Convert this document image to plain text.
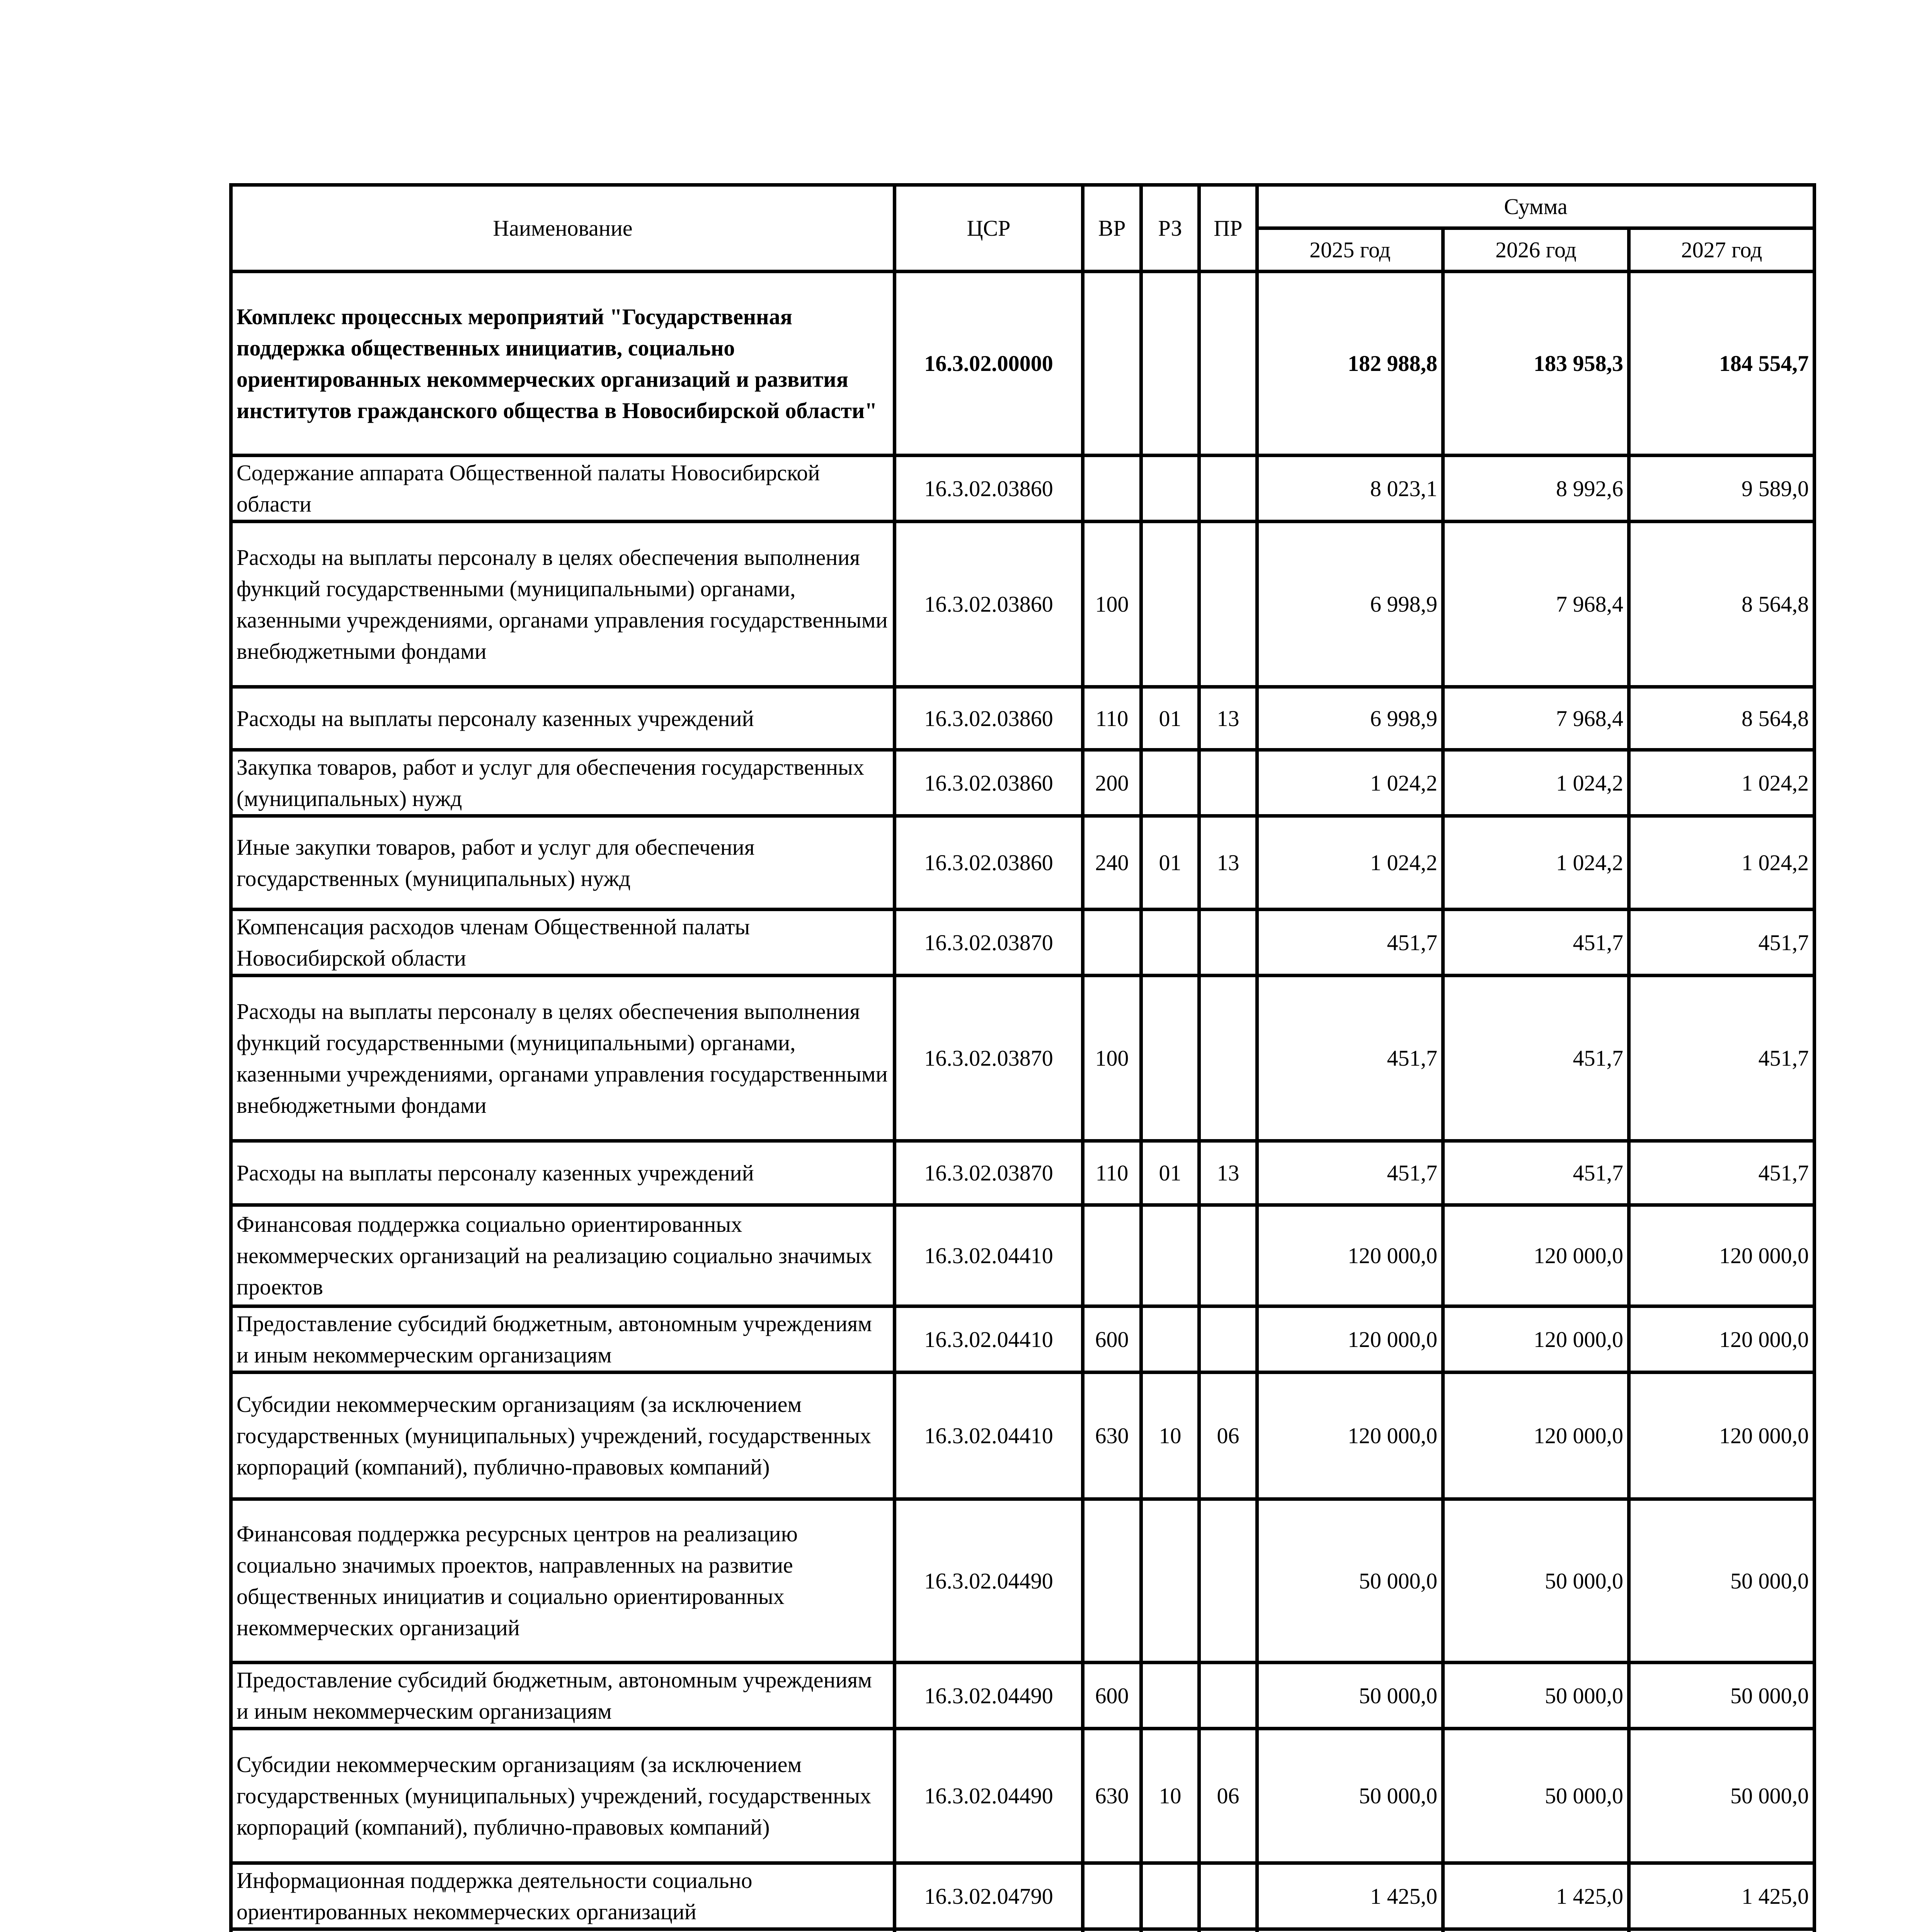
Наименование	ЦСР	ВР	РЗ	ПР	Сумма		
					2025 год	2026 год	2027 год
Комплекс процессных мероприятий "Государственная поддержка общественных инициатив, социально ориентированных некоммерческих организаций и развития институтов гражданского общества в Новосибирской области"	16.3.02.00000				182 988,8	183 958,3	184 554,7
Содержание аппарата Общественной палаты Новосибирской области	16.3.02.03860				8 023,1	8 992,6	9 589,0
Расходы на выплаты персоналу в целях обеспечения выполнения функций государственными (муниципальными) органами, казенными учреждениями, органами управления государственными внебюджетными фондами	16.3.02.03860	100			6 998,9	7 968,4	8 564,8
Расходы на выплаты персоналу казенных учреждений	16.3.02.03860	110	01	13	6 998,9	7 968,4	8 564,8
Закупка товаров, работ и услуг для обеспечения государственных (муниципальных) нужд	16.3.02.03860	200			1 024,2	1 024,2	1 024,2
Иные закупки товаров, работ и услуг для обеспечения государственных (муниципальных) нужд	16.3.02.03860	240	01	13	1 024,2	1 024,2	1 024,2
Компенсация расходов членам Общественной палаты Новосибирской области	16.3.02.03870				451,7	451,7	451,7
Расходы на выплаты персоналу в целях обеспечения выполнения функций государственными (муниципальными) органами, казенными учреждениями, органами управления государственными внебюджетными фондами	16.3.02.03870	100			451,7	451,7	451,7
Расходы на выплаты персоналу казенных учреждений	16.3.02.03870	110	01	13	451,7	451,7	451,7
Финансовая поддержка социально ориентированных некоммерческих организаций на реализацию социально значимых проектов	16.3.02.04410				120 000,0	120 000,0	120 000,0
Предоставление субсидий бюджетным, автономным учреждениям и иным некоммерческим организациям	16.3.02.04410	600			120 000,0	120 000,0	120 000,0
Субсидии некоммерческим организациям (за исключением государственных (муниципальных) учреждений, государственных корпораций (компаний), публично-правовых компаний)	16.3.02.04410	630	10	06	120 000,0	120 000,0	120 000,0
Финансовая поддержка ресурсных центров на реализацию социально значимых проектов, направленных на развитие общественных инициатив и социально ориентированных некоммерческих организаций	16.3.02.04490				50 000,0	50 000,0	50 000,0
Предоставление субсидий бюджетным, автономным учреждениям и иным некоммерческим организациям	16.3.02.04490	600			50 000,0	50 000,0	50 000,0
Субсидии некоммерческим организациям (за исключением государственных (муниципальных) учреждений, государственных корпораций (компаний), публично-правовых компаний)	16.3.02.04490	630	10	06	50 000,0	50 000,0	50 000,0
Информационная поддержка деятельности социально ориентированных некоммерческих организаций	16.3.02.04790				1 425,0	1 425,0	1 425,0
